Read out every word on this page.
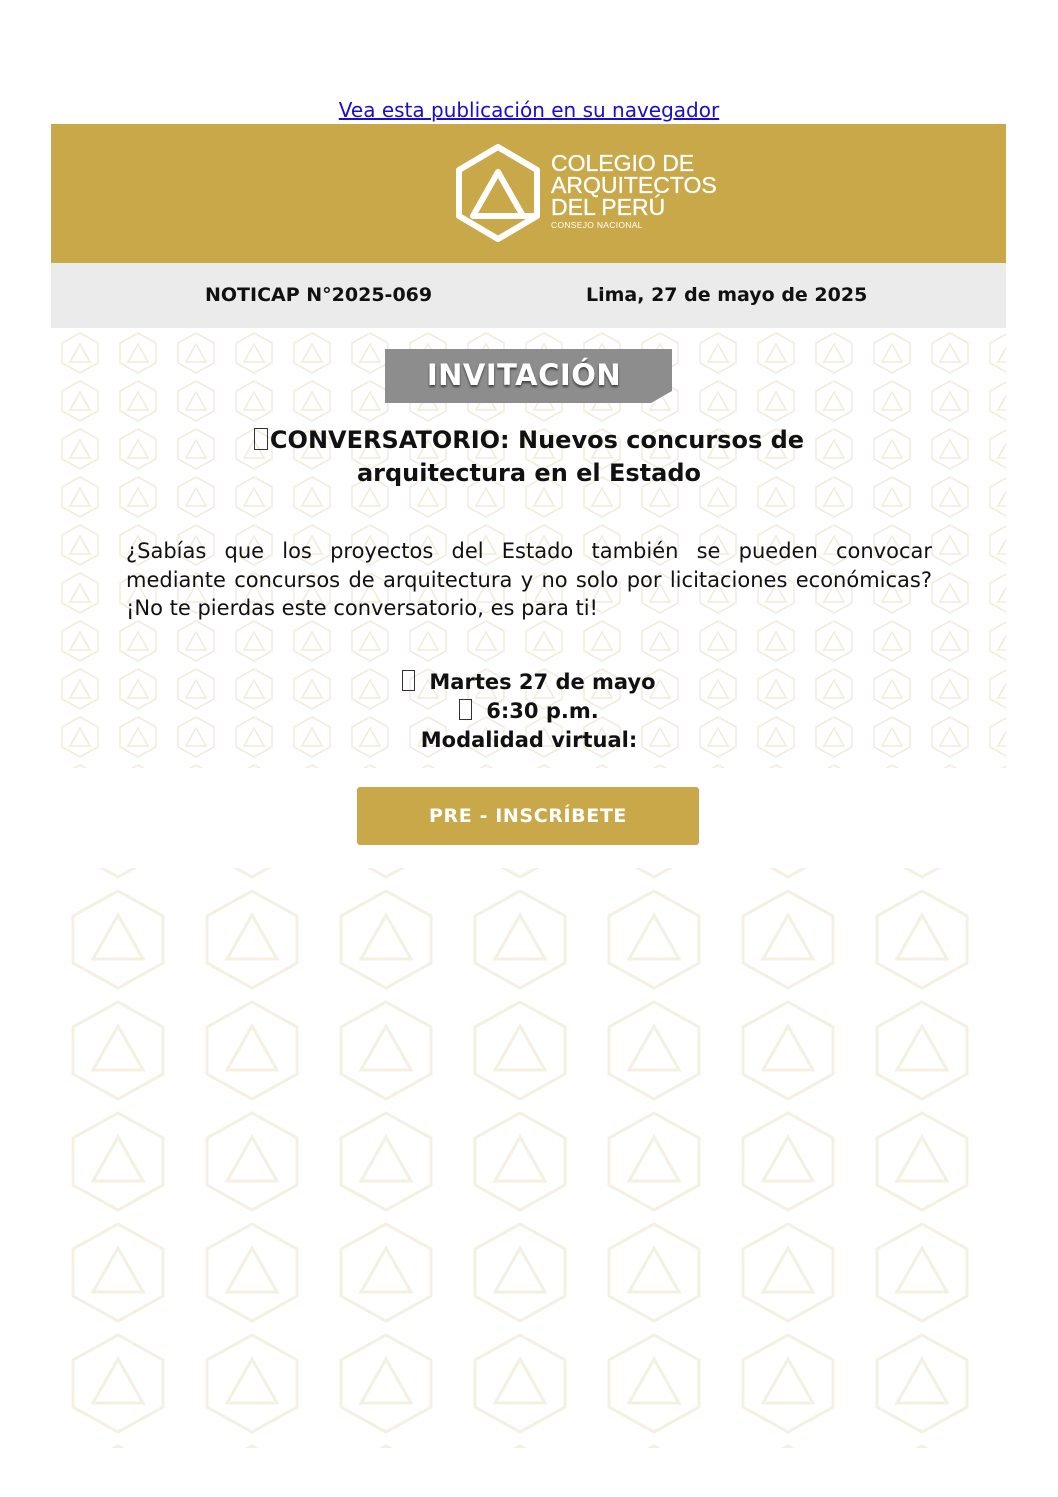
Vea esta publicación en su navegador
COLEGIO DE
ARQUITECTOS
DEL PERÚ
CONSEJO NACIONAL
NOTICAP N°2025-069	Lima, 27 de mayo de 2025
INVITACIÓN
CONVERSATORIO: Nuevos concursos de
arquitectura en el Estado
¿Sabías que los proyectos del Estado también se pueden convocar mediante concursos de arquitectura y no solo por licitaciones económicas? ¡No te pierdas este conversatorio, es para ti!
Martes 27 de mayo
6:30 p.m.
Modalidad virtual:
PRE - INSCRÍBETE
